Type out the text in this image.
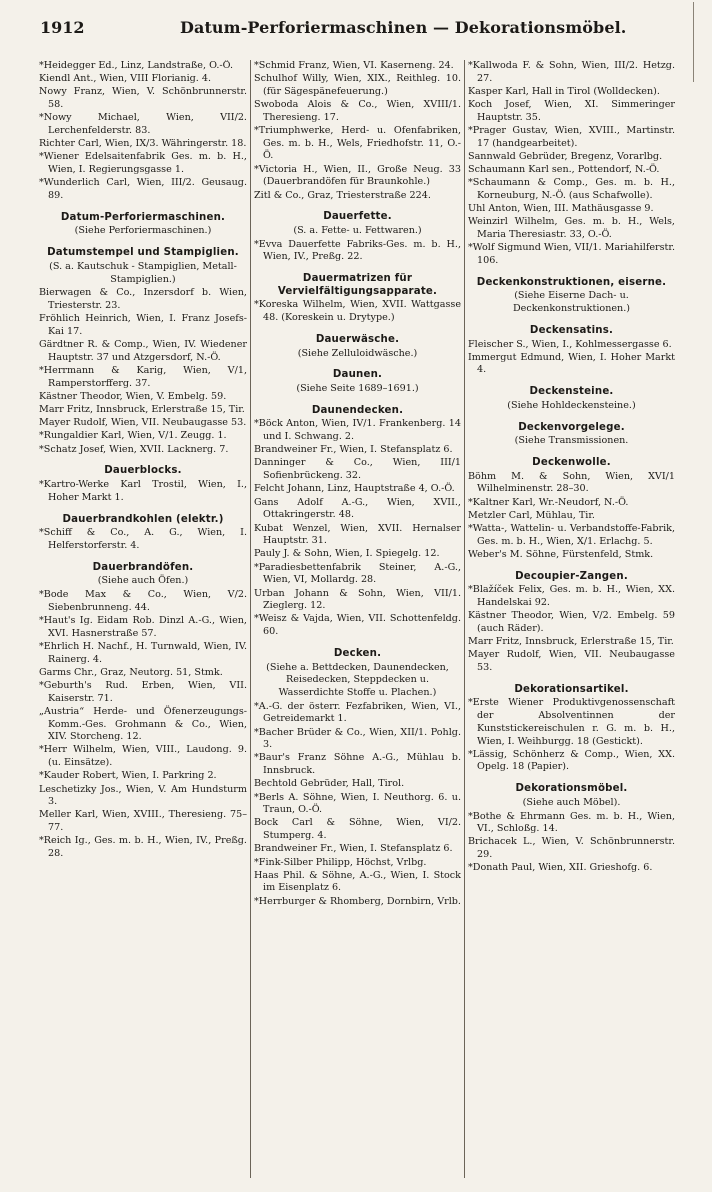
1912	Datum-Perforiermaschinen — Dekorationsmöbel.
*Heidegger Ed., Linz, Landstraße, O.-Ö.
Kiendl Ant., Wien, VIII Florianig. 4.
Nowy Franz, Wien, V. Schönbrunnerstr. 58.
*Nowy Michael, Wien, VII/2. Lerchenfelderstr. 83.
Richter Carl, Wien, IX/3. Währingerstr. 18.
*Wiener Edelsaitenfabrik Ges. m. b. H., Wien, I. Regierungsgasse 1.
*Wunderlich Carl, Wien, III/2. Geusaug. 89.
Datum-Perforiermaschinen.
(Siehe Perforiermaschinen.)
Datumstempel und Stampiglien.
(S. a. Kautschuk - Stampiglien, Metall-Stampiglien.)
Bierwagen & Co., Inzersdorf b. Wien, Triesterstr. 23.
Fröhlich Heinrich, Wien, I. Franz Josefs-Kai 17.
Gärdtner R. & Comp., Wien, IV. Wiedener Hauptstr. 37 und Atzgersdorf, N.-Ö.
*Herrmann & Karig, Wien, V/1, Ramperstorfferg. 37.
Kästner Theodor, Wien, V. Embelg. 59.
Marr Fritz, Innsbruck, Erlerstraße 15, Tir.
Mayer Rudolf, Wien, VII. Neubaugasse 53.
*Rungaldier Karl, Wien, V/1. Zeugg. 1.
*Schatz Josef, Wien, XVII. Lacknerg. 7.
Dauerblocks.
*Kartro-Werke Karl Trostil, Wien, I., Hoher Markt 1.
Dauerbrandkohlen (elektr.)
*Schiff & Co., A. G., Wien, I. Helferstorferstr. 4.
Dauerbrandöfen.
(Siehe auch Öfen.)
*Bode Max & Co., Wien, V/2. Siebenbrunneng. 44.
*Haut's Ig. Eidam Rob. Dinzl A.-G., Wien, XVI. Hasnerstraße 57.
*Ehrlich H. Nachf., H. Turnwald, Wien, IV. Rainerg. 4.
Garms Chr., Graz, Neutorg. 51, Stmk.
*Geburth's Rud. Erben, Wien, VII. Kaiserstr. 71.
„Austria“ Herde- und Öfenerzeugungs-Komm.-Ges. Grohmann & Co., Wien, XIV. Storcheng. 12.
*Herr Wilhelm, Wien, VIII., Laudong. 9. (u. Einsätze).
*Kauder Robert, Wien, I. Parkring 2.
Leschetizky Jos., Wien, V. Am Hundsturm 3.
Meller Karl, Wien, XVIII., Theresieng. 75–77.
*Reich Ig., Ges. m. b. H., Wien, IV., Preßg. 28.
*Schmid Franz, Wien, VI. Kaserneng. 24.
Schulhof Willy, Wien, XIX., Reithleg. 10. (für Sägespänefeuerung.)
Swoboda Alois & Co., Wien, XVIII/1. Theresieng. 17.
*Triumphwerke, Herd- u. Ofenfabriken, Ges. m. b. H., Wels, Friedhofstr. 11, O.-Ö.
*Victoria H., Wien, II., Große Neug. 33 (Dauerbrandöfen für Braunkohle.)
Zitl & Co., Graz, Triesterstraße 224.
Dauerfette.
(S. a. Fette- u. Fettwaren.)
*Evva Dauerfette Fabriks-Ges. m. b. H., Wien, IV., Preßg. 22.
Dauermatrizen für Vervielfältigungsapparate.
*Koreska Wilhelm, Wien, XVII. Wattgasse 48. (Koreskein u. Drytype.)
Dauerwäsche.
(Siehe Zelluloidwäsche.)
Daunen.
(Siehe Seite 1689–1691.)
Daunendecken.
*Böck Anton, Wien, IV/1. Frankenberg. 14 und I. Schwang. 2.
Brandweiner Fr., Wien, I. Stefansplatz 6.
Danninger & Co., Wien, III/1 Sofienbrückeng. 32.
Felcht Johann, Linz, Hauptstraße 4, O.-Ö.
Gans Adolf A.-G., Wien, XVII., Ottakringerstr. 48.
Kubat Wenzel, Wien, XVII. Hernalser Hauptstr. 31.
Pauly J. & Sohn, Wien, I. Spiegelg. 12.
*Paradiesbettenfabrik Steiner, A.-G., Wien, VI, Mollardg. 28.
Urban Johann & Sohn, Wien, VII/1. Zieglerg. 12.
*Weisz & Vajda, Wien, VII. Schottenfeldg. 60.
Decken.
(Siehe a. Bettdecken, Daunendecken, Reisedecken, Steppdecken u. Wasserdichte Stoffe u. Plachen.)
*A.-G. der österr. Fezfabriken, Wien, VI., Getreidemarkt 1.
*Bacher Brüder & Co., Wien, XII/1. Pohlg. 3.
*Baur's Franz Söhne A.-G., Mühlau b. Innsbruck.
Bechtold Gebrüder, Hall, Tirol.
*Berls A. Söhne, Wien, I. Neuthorg. 6. u. Traun, O.-Ö.
Bock Carl & Söhne, Wien, VI/2. Stumperg. 4.
Brandweiner Fr., Wien, I. Stefansplatz 6.
*Fink-Silber Philipp, Höchst, Vrlbg.
Haas Phil. & Söhne, A.-G., Wien, I. Stock im Eisenplatz 6.
*Herrburger & Rhomberg, Dornbirn, Vrlb.
*Kallwoda F. & Sohn, Wien, III/2. Hetzg. 27.
Kasper Karl, Hall in Tirol (Wolldecken).
Koch Josef, Wien, XI. Simmeringer Hauptstr. 35.
*Prager Gustav, Wien, XVIII., Martinstr. 17 (handgearbeitet).
Sannwald Gebrüder, Bregenz, Vorarlbg.
Schaumann Karl sen., Pottendorf, N.-Ö.
*Schaumann & Comp., Ges. m. b. H., Korneuburg, N.-Ö. (aus Schafwolle).
Uhl Anton, Wien, III. Mathäusgasse 9.
Weinzirl Wilhelm, Ges. m. b. H., Wels, Maria Theresiastr. 33, O.-Ö.
*Wolf Sigmund Wien, VII/1. Mariahilferstr. 106.
Deckenkonstruktionen, eiserne.
(Siehe Eiserne Dach- u. Deckenkonstruktionen.)
Deckensatins.
Fleischer S., Wien, I., Kohlmessergasse 6.
Immergut Edmund, Wien, I. Hoher Markt 4.
Deckensteine.
(Siehe Hohldeckensteine.)
Deckenvorgelege.
(Siehe Transmissionen.
Deckenwolle.
Böhm M. & Sohn, Wien, XVI/1 Wilhelminenstr. 28–30.
*Kaltner Karl, Wr.-Neudorf, N.-Ö.
Metzler Carl, Mühlau, Tir.
*Watta-, Wattelin- u. Verbandstoffe-Fabrik, Ges. m. b. H., Wien, X/1. Erlachg. 5.
Weber's M. Söhne, Fürstenfeld, Stmk.
Decoupier-Zangen.
*Blažíček Felix, Ges. m. b. H., Wien, XX. Handelskai 92.
Kästner Theodor, Wien, V/2. Embelg. 59 (auch Räder).
Marr Fritz, Innsbruck, Erlerstraße 15, Tir.
Mayer Rudolf, Wien, VII. Neubaugasse 53.
Dekorationsartikel.
*Erste Wiener Produktivgenossenschaft der Absolventinnen der Kunststickereischulen r. G. m. b. H., Wien, I. Weihburgg. 18 (Gestickt).
*Lässig, Schönherz & Comp., Wien, XX. Opelg. 18 (Papier).
Dekorationsmöbel.
(Siehe auch Möbel).
*Bothe & Ehrmann Ges. m. b. H., Wien, VI., Schloßg. 14.
Brichacek L., Wien, V. Schönbrunnerstr. 29.
*Donath Paul, Wien, XII. Grieshofg. 6.
